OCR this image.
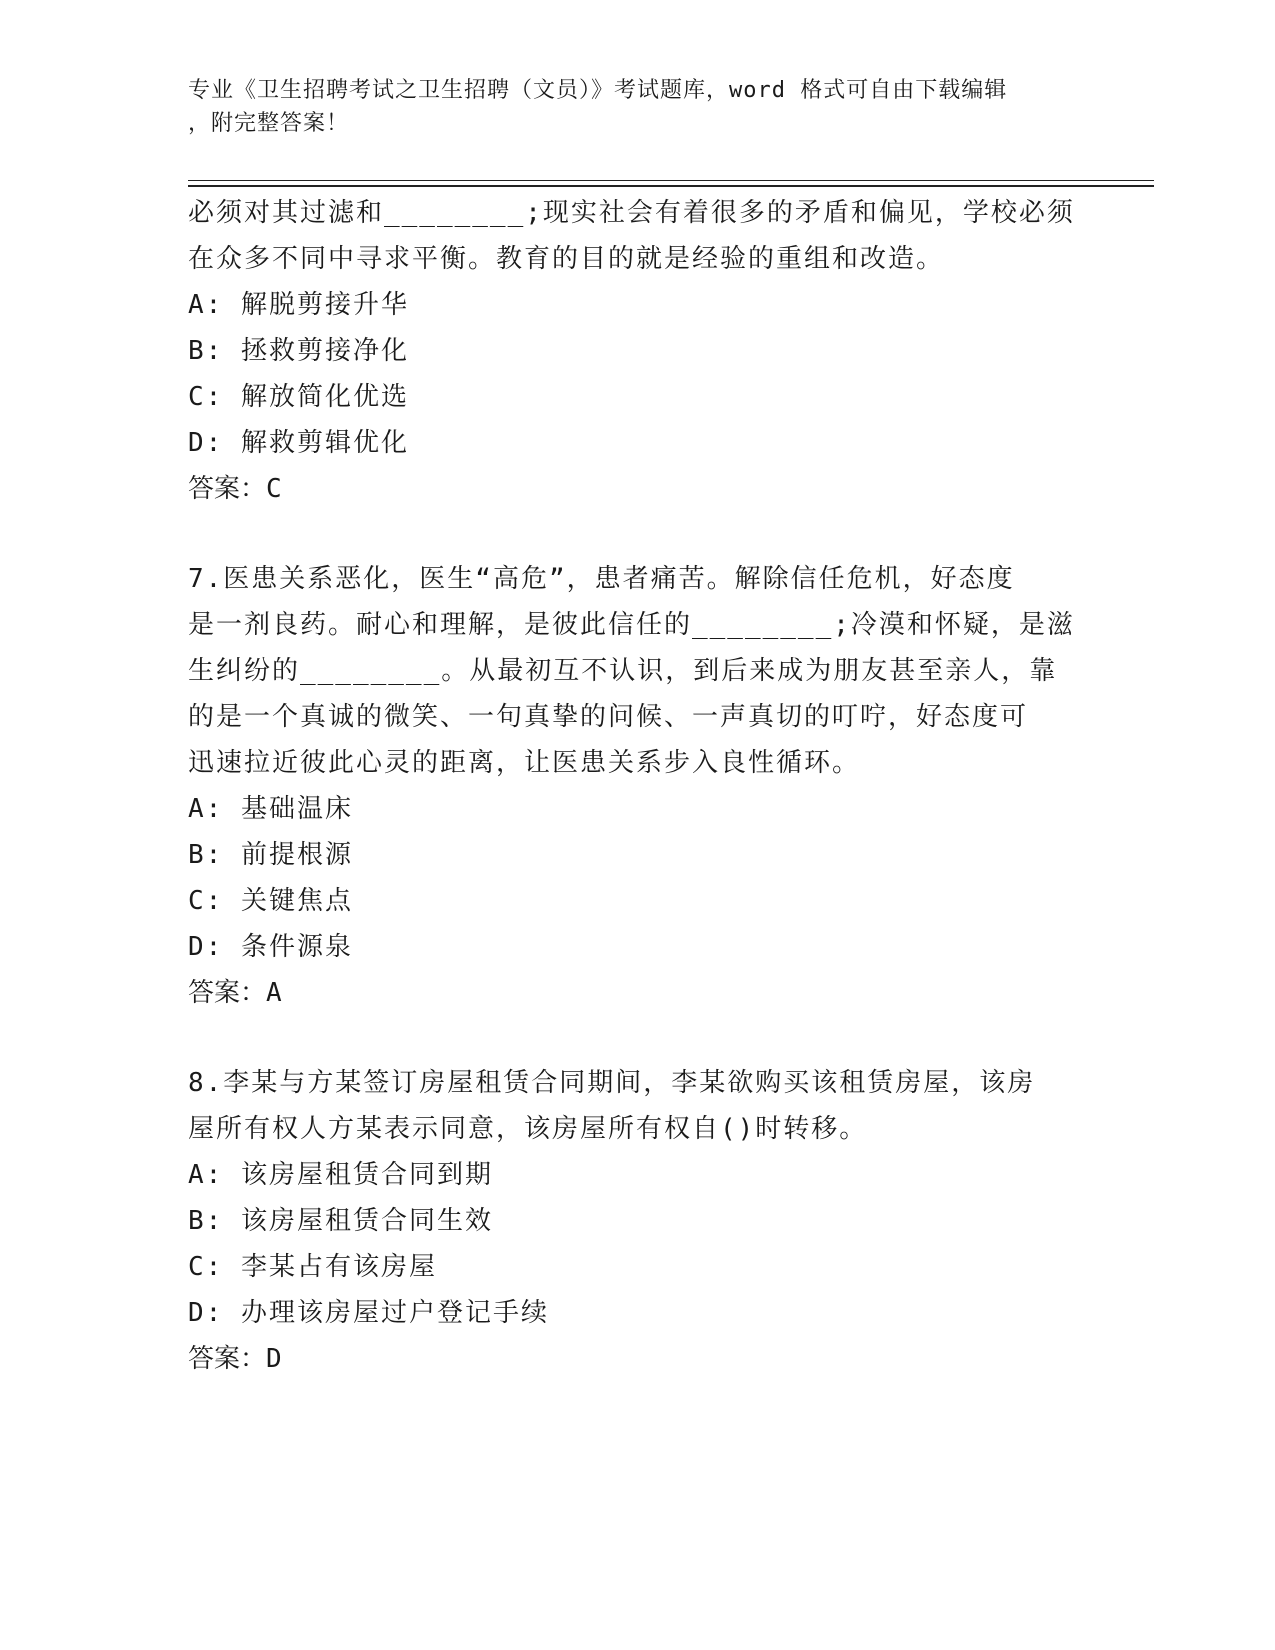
专业《卫生招聘考试之卫生招聘（文员）》考试题库，word 格式可自由下载编辑
，附完整答案！

必须对其过滤和________;现实社会有着很多的矛盾和偏见，学校必须

在众多不同中寻求平衡。教育的目的就是经验的重组和改造。

A: 解脱剪接升华

B: 拯救剪接净化

C: 解放简化优选

D: 解救剪辑优化

答案：C

7.医患关系恶化，医生“高危”，患者痛苦。解除信任危机，好态度

是一剂良药。耐心和理解，是彼此信任的________;冷漠和怀疑，是滋

生纠纷的________。从最初互不认识，到后来成为朋友甚至亲人，靠

的是一个真诚的微笑、一句真挚的问候、一声真切的叮咛，好态度可

迅速拉近彼此心灵的距离，让医患关系步入良性循环。

A: 基础温床

B: 前提根源

C: 关键焦点

D: 条件源泉

答案：A

8.李某与方某签订房屋租赁合同期间，李某欲购买该租赁房屋，该房

屋所有权人方某表示同意，该房屋所有权自()时转移。

A: 该房屋租赁合同到期

B: 该房屋租赁合同生效

C: 李某占有该房屋

D: 办理该房屋过户登记手续

答案：D
